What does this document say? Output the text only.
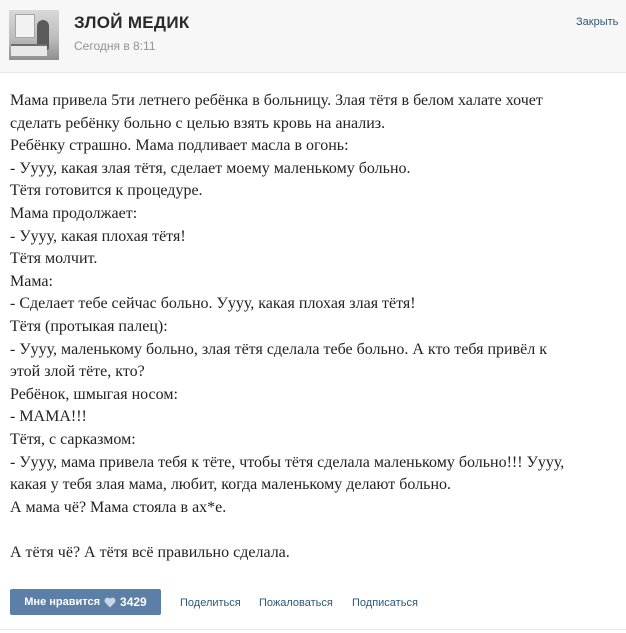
ЗЛОЙ МЕДИК
Сегодня в 8:11
Закрыть
Мама привела 5ти летнего ребёнка в больницу. Злая тётя в белом халате хочет
сделать ребёнку больно с целью взять кровь на анализ.
Ребёнку страшно. Мама подливает масла в огонь:
- Уууу, какая злая тётя, сделает моему маленькому больно.
Тётя готовится к процедуре.
Мама продолжает:
- Уууу, какая плохая тётя!
Тётя молчит.
Мама:
- Сделает тебе сейчас больно. Уууу, какая плохая злая тётя!
Тётя (протыкая палец):
- Уууу, маленькому больно, злая тётя сделала тебе больно. А кто тебя привёл к
этой злой тёте, кто?
Ребёнок, шмыгая носом:
- МАМА!!!
Тётя, с сарказмом:
- Уууу, мама привела тебя к тёте, чтобы тётя сделала маленькому больно!!! Уууу,
какая у тебя злая мама, любит, когда маленькому делают больно.
А мама чё? Мама стояла в ах*е.
А тётя чё? А тётя всё правильно сделала.
Мне нравится 3429	Поделиться Пожаловаться Подписаться
